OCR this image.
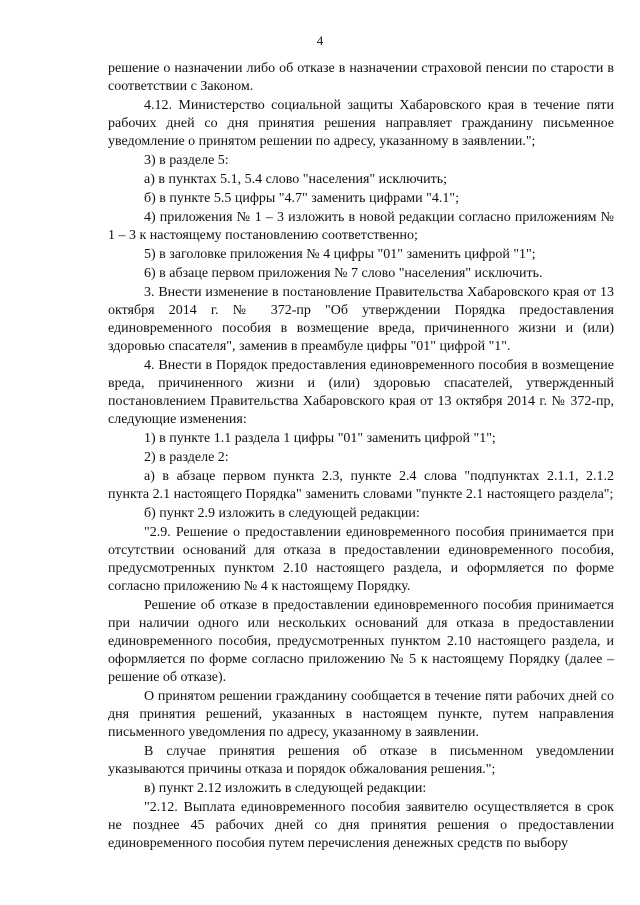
4

решение о назначении либо об отказе в назначении страховой пенсии по старости в соответствии с Законом.

4.12. Министерство социальной защиты Хабаровского края в течение пяти рабочих дней со дня принятия решения направляет гражданину письменное уведомление о принятом решении по адресу, указанному в заявлении.";

3) в разделе 5:

а) в пунктах 5.1, 5.4 слово "населения" исключить;

б) в пункте 5.5 цифры "4.7" заменить цифрами "4.1";

4) приложения № 1 – 3 изложить в новой редакции согласно приложениям № 1 – 3 к настоящему постановлению соответственно;

5) в заголовке приложения № 4 цифры "01" заменить цифрой "1";

6) в абзаце первом приложения № 7 слово "населения" исключить.

3. Внести изменение в постановление Правительства Хабаровского края от 13 октября 2014 г. № 372-пр "Об утверждении Порядка предоставления единовременного пособия в возмещение вреда, причиненного жизни и (или) здоровью спасателя", заменив в преамбуле цифры "01" цифрой "1".

4. Внести в Порядок предоставления единовременного пособия в возмещение вреда, причиненного жизни и (или) здоровью спасателей, утвержденный постановлением Правительства Хабаровского края от 13 октября 2014 г. № 372-пр, следующие изменения:

1) в пункте 1.1 раздела 1 цифры "01" заменить цифрой "1";

2) в разделе 2:

а) в абзаце первом пункта 2.3, пункте 2.4 слова "подпунктах 2.1.1, 2.1.2 пункта 2.1 настоящего Порядка" заменить словами "пункте 2.1 настоящего раздела";

б) пункт 2.9 изложить в следующей редакции:

"2.9. Решение о предоставлении единовременного пособия принимается при отсутствии оснований для отказа в предоставлении единовременного пособия, предусмотренных пунктом 2.10 настоящего раздела, и оформляется по форме согласно приложению № 4 к настоящему Порядку.

Решение об отказе в предоставлении единовременного пособия принимается при наличии одного или нескольких оснований для отказа в предоставлении единовременного пособия, предусмотренных пунктом 2.10 настоящего раздела, и оформляется по форме согласно приложению № 5 к настоящему Порядку (далее – решение об отказе).

О принятом решении гражданину сообщается в течение пяти рабочих дней со дня принятия решений, указанных в настоящем пункте, путем направления письменного уведомления по адресу, указанному в заявлении.

В случае принятия решения об отказе в письменном уведомлении указываются причины отказа и порядок обжалования решения.";

в) пункт 2.12 изложить в следующей редакции:

"2.12. Выплата единовременного пособия заявителю осуществляется в срок не позднее 45 рабочих дней со дня принятия решения о предоставлении единовременного пособия путем перечисления денежных средств по выбору
